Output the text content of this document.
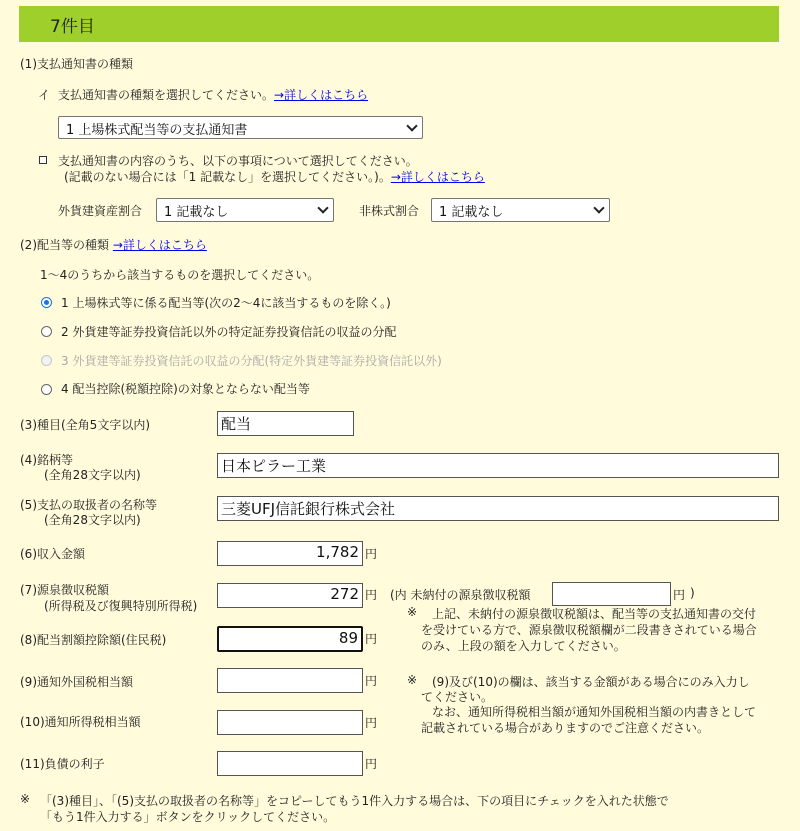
7件目
(1)支払通知書の種類
イ 支払通知書の種類を選択してください。→詳しくはこちら
1 上場株式配当等の支払通知書
支払通知書の内容のうち、以下の事項について選択してください。
(記載のない場合には「1 記載なし」を選択してください。)。→詳しくはこちら
外貨建資産割合	1 記載なし	非株式割合	1 記載なし
(2)配当等の種類 →詳しくはこちら
1～4のうちから該当するものを選択してください。
1 上場株式等に係る配当等(次の2～4に該当するものを除く。)
2 外貨建等証券投資信託以外の特定証券投資信託の収益の分配
3 外貨建等証券投資信託の収益の分配(特定外貨建等証券投資信託以外)
4 配当控除(税額控除)の対象とならない配当等
(3)種目(全角5文字以内)	配当
(4)銘柄等
(全角28文字以内)	日本ピラー工業
(5)支払の取扱者の名称等
(全角28文字以内)
三菱UFJ信託銀行株式会社
(6)収入金額	1,782 円
(7)源泉徴収税額
(所得税及び復興特別所得税)
272 円 (内 未納付の源泉徴収税額	円 )
※ 上記、未納付の源泉徴収税額は、配当等の支払通知書の交付
を受けている方で、源泉徴収税額欄が二段書きされている場合
のみ、上段の額を入力してください。
(8)配当割額控除額(住民税)	89 円
(9)通知外国税相当額	円 ※ (9)及び(10)の欄は、該当する金額がある場合にのみ入力し
てください。
なお、通知所得税相当額が通知外国税相当額の内書きとして
記載されている場合がありますのでご注意ください。
(10)通知所得税相当額	円
(11)負債の利子	円
※ 「(3)種目」、「(5)支払の取扱者の名称等」をコピーしてもう1件入力する場合は、下の項目にチェックを入れた状態で
「もう1件入力する」ボタンをクリックしてください。
